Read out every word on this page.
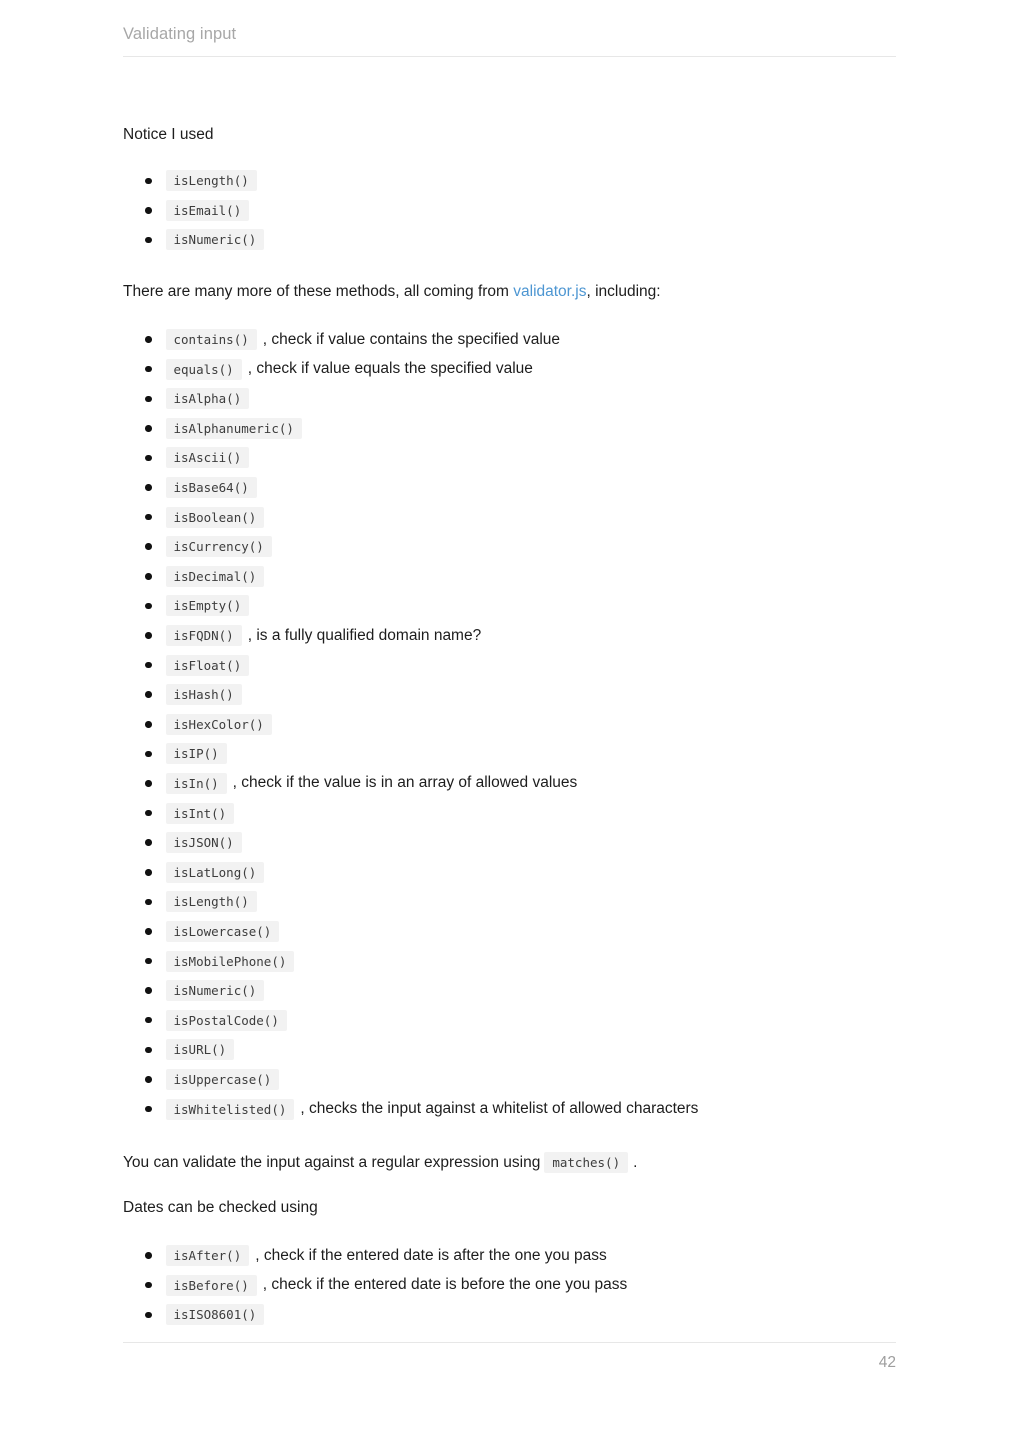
Validating input
Notice I used
isLength()
isEmail()
isNumeric()

There are many more of these methods, all coming from validator.js, including:

contains() , check if value contains the specified value
equals() , check if value equals the specified value
isAlpha()
isAlphanumeric()
isAscii()
isBase64()
isBoolean()
isCurrency()
isDecimal()
isEmpty()
isFQDN() , is a fully qualified domain name?
isFloat()
isHash()
isHexColor()
isIP()
isIn() , check if the value is in an array of allowed values
isInt()
isJSON()
isLatLong()
isLength()
isLowercase()
isMobilePhone()
isNumeric()
isPostalCode()
isURL()
isUppercase()
isWhitelisted() , checks the input against a whitelist of allowed characters

You can validate the input against a regular expression using matches() .

Dates can be checked using

isAfter() , check if the entered date is after the one you pass
isBefore() , check if the entered date is before the one you pass
isISO8601()
42
